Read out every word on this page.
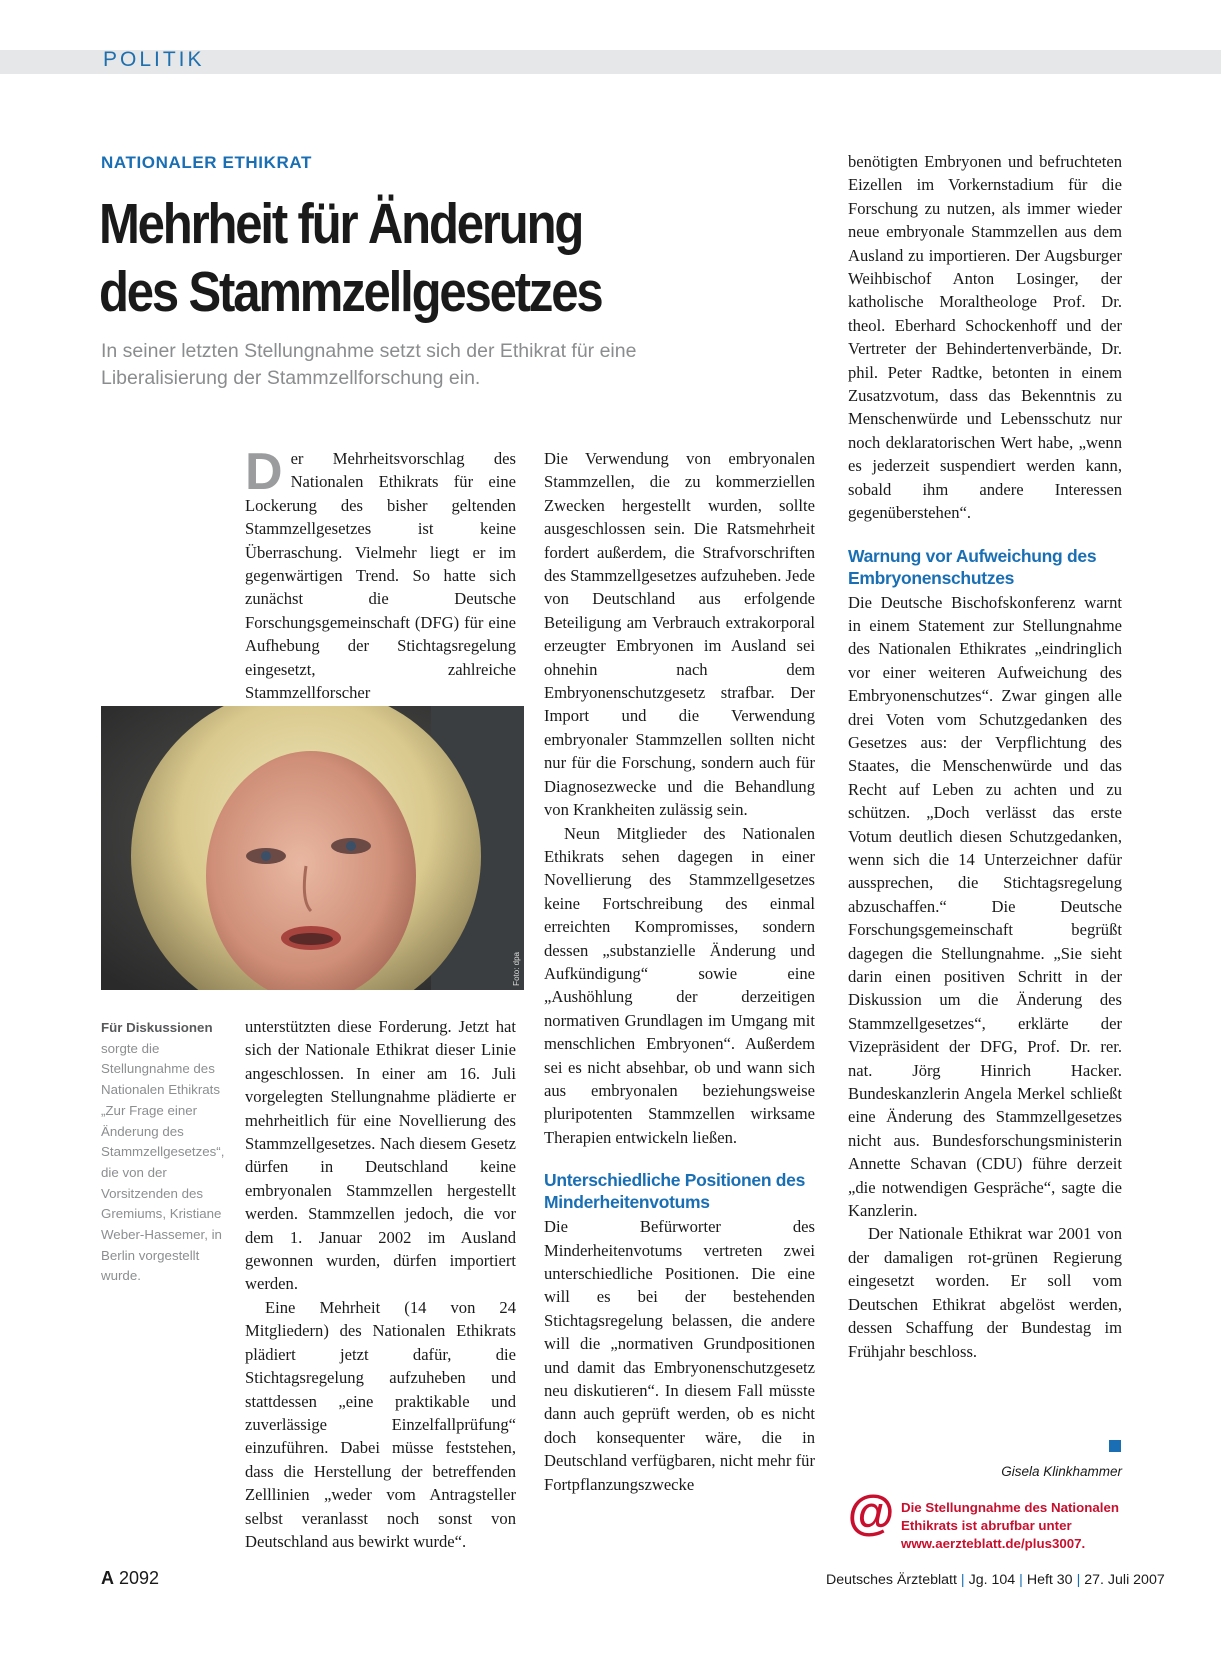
POLITIK
NATIONALER ETHIKRAT
Mehrheit für Änderung
des Stammzellgesetzes
In seiner letzten Stellungnahme setzt sich der Ethikrat für eine Liberalisierung der Stammzellforschung ein.

Der Mehrheitsvorschlag des Nationalen Ethikrats für eine Lockerung des bisher geltenden Stammzellgesetzes ist keine Überraschung. Vielmehr liegt er im gegenwärtigen Trend. So hatte sich zunächst die Deutsche Forschungsgemeinschaft (DFG) für eine Aufhebung der Stichtagsregelung eingesetzt, zahlreiche Stammzellforscher

Foto: dpa
Für Diskussionen
sorgte die Stellungnahme des Nationalen Ethikrats „Zur Frage einer Änderung des Stammzellgesetzes“, die von der Vorsitzenden des Gremiums, Kristiane Weber-Hassemer, in Berlin vorgestellt wurde.

unterstützten diese Forderung. Jetzt hat sich der Nationale Ethikrat dieser Linie angeschlossen. In einer am 16. Juli vorgelegten Stellungnahme plädierte er mehrheitlich für eine Novellierung des Stammzellgesetzes. Nach diesem Gesetz dürfen in Deutschland keine embryonalen Stammzellen hergestellt werden. Stammzellen jedoch, die vor dem 1. Januar 2002 im Ausland gewonnen wurden, dürfen importiert werden.

Eine Mehrheit (14 von 24 Mitgliedern) des Nationalen Ethikrats plädiert jetzt dafür, die Stichtagsregelung aufzuheben und stattdessen „eine praktikable und zuverlässige Einzelfallprüfung“ einzuführen. Dabei müsse feststehen, dass die Herstellung der betreffenden Zelllinien „weder vom Antragsteller selbst veranlasst noch sonst von Deutschland aus bewirkt wurde“.

Die Verwendung von embryonalen Stammzellen, die zu kommerziellen Zwecken hergestellt wurden, sollte ausgeschlossen sein. Die Ratsmehrheit fordert außerdem, die Strafvorschriften des Stammzellgesetzes aufzuheben. Jede von Deutschland aus erfolgende Beteiligung am Verbrauch extrakorporal erzeugter Embryonen im Ausland sei ohnehin nach dem Embryonenschutzgesetz strafbar. Der Import und die Verwendung embryonaler Stammzellen sollten nicht nur für die Forschung, sondern auch für Diagnosezwecke und die Behandlung von Krankheiten zulässig sein.

Neun Mitglieder des Nationalen Ethikrats sehen dagegen in einer Novellierung des Stammzellgesetzes keine Fortschreibung des einmal erreichten Kompromisses, sondern dessen „substanzielle Änderung und Aufkündigung“ sowie eine „Aushöhlung der derzeitigen normativen Grundlagen im Umgang mit menschlichen Embryonen“. Außerdem sei es nicht absehbar, ob und wann sich aus embryonalen beziehungsweise pluripotenten Stammzellen wirksame Therapien entwickeln ließen.

Unterschiedliche Positionen des Minderheitenvotums

Die Befürworter des Minderheitenvotums vertreten zwei unterschiedliche Positionen. Die eine will es bei der bestehenden Stichtagsregelung belassen, die andere will die „normativen Grundpositionen und damit das Embryonenschutzgesetz neu diskutieren“. In diesem Fall müsste dann auch geprüft werden, ob es nicht doch konsequenter wäre, die in Deutschland verfügbaren, nicht mehr für Fortpflanzungszwecke

benötigten Embryonen und befruchteten Eizellen im Vorkernstadium für die Forschung zu nutzen, als immer wieder neue embryonale Stammzellen aus dem Ausland zu importieren. Der Augsburger Weihbischof Anton Losinger, der katholische Moraltheologe Prof. Dr. theol. Eberhard Schockenhoff und der Vertreter der Behindertenverbände, Dr. phil. Peter Radtke, betonten in einem Zusatzvotum, dass das Bekenntnis zu Menschenwürde und Lebensschutz nur noch deklaratorischen Wert habe, „wenn es jederzeit suspendiert werden kann, sobald ihm andere Interessen gegenüberstehen“.

Warnung vor Aufweichung des Embryonenschutzes

Die Deutsche Bischofskonferenz warnt in einem Statement zur Stellungnahme des Nationalen Ethikrates „eindringlich vor einer weiteren Aufweichung des Embryonenschutzes“. Zwar gingen alle drei Voten vom Schutzgedanken des Gesetzes aus: der Verpflichtung des Staates, die Menschenwürde und das Recht auf Leben zu achten und zu schützen. „Doch verlässt das erste Votum deutlich diesen Schutzgedanken, wenn sich die 14 Unterzeichner dafür aussprechen, die Stichtagsregelung abzuschaffen.“ Die Deutsche Forschungsgemeinschaft begrüßt dagegen die Stellungnahme. „Sie sieht darin einen positiven Schritt in der Diskussion um die Änderung des Stammzellgesetzes“, erklärte der Vizepräsident der DFG, Prof. Dr. rer. nat. Jörg Hinrich Hacker. Bundeskanzlerin Angela Merkel schließt eine Änderung des Stammzellgesetzes nicht aus. Bundesforschungsministerin Annette Schavan (CDU) führe derzeit „die notwendigen Gespräche“, sagte die Kanzlerin.

Der Nationale Ethikrat war 2001 von der damaligen rot-grünen Regierung eingesetzt worden. Er soll vom Deutschen Ethikrat abgelöst werden, dessen Schaffung der Bundestag im Frühjahr beschloss.

Gisela Klinkhammer
@ Die Stellungnahme des Nationalen
Ethikrats ist abrufbar unter
www.aerzteblatt.de/plus3007.
A 2092	Deutsches Ärzteblatt | Jg. 104 | Heft 30 | 27. Juli 2007
